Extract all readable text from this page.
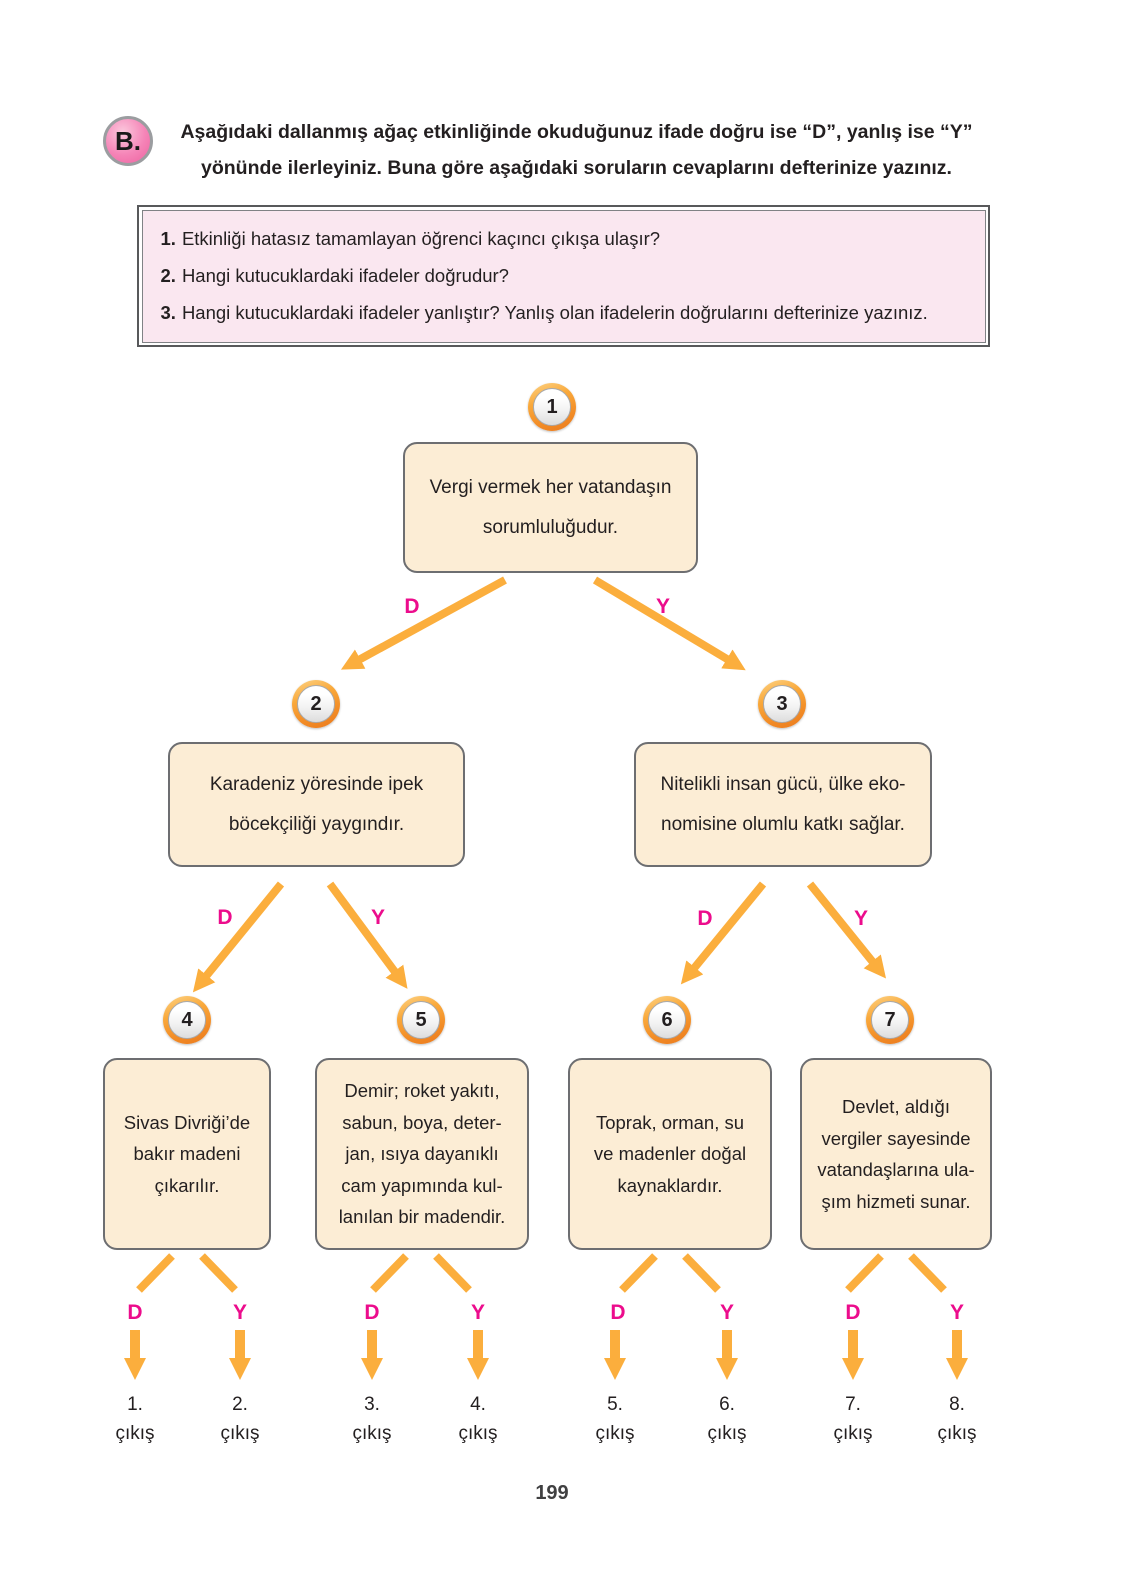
B.	Aşağıdaki dallanmış ağaç etkinliğinde okuduğunuz ifade doğru ise “D”, yanlış ise “Y”
yönünde ilerleyiniz. Buna göre aşağıdaki soruların cevaplarını defterinize yazınız.
1. Etkinliği hatasız tamamlayan öğrenci kaçıncı çıkışa ulaşır?
2. Hangi kutucuklardaki ifadeler doğrudur?
3. Hangi kutucuklardaki ifadeler yanlıştır? Yanlış olan ifadelerin doğrularını defterinize yazınız.
1
2	3
4	5	6	7
Vergi vermek her vatandaşın
sorumluluğudur.
Karadeniz yöresinde ipek
böcekçiliği yaygındır.
Nitelikli insan gücü, ülke eko-
nomisine olumlu katkı sağlar.
Sivas Divriği’de
bakır madeni
çıkarılır.
Demir; roket yakıtı,
sabun, boya, deter-
jan, ısıya dayanıklı
cam yapımında kul-
lanılan bir madendir.
Toprak, orman, su
ve madenler doğal
kaynaklardır.
Devlet, aldığı
vergiler sayesinde
vatandaşlarına ula-
şım hizmeti sunar.
D	Y
D	Y	D	Y
D	Y	D	Y	D	Y	D	Y
1.
çıkış
2.
çıkış
3.
çıkış
4.
çıkış
5.
çıkış
6.
çıkış
7.
çıkış
8.
çıkış
199
